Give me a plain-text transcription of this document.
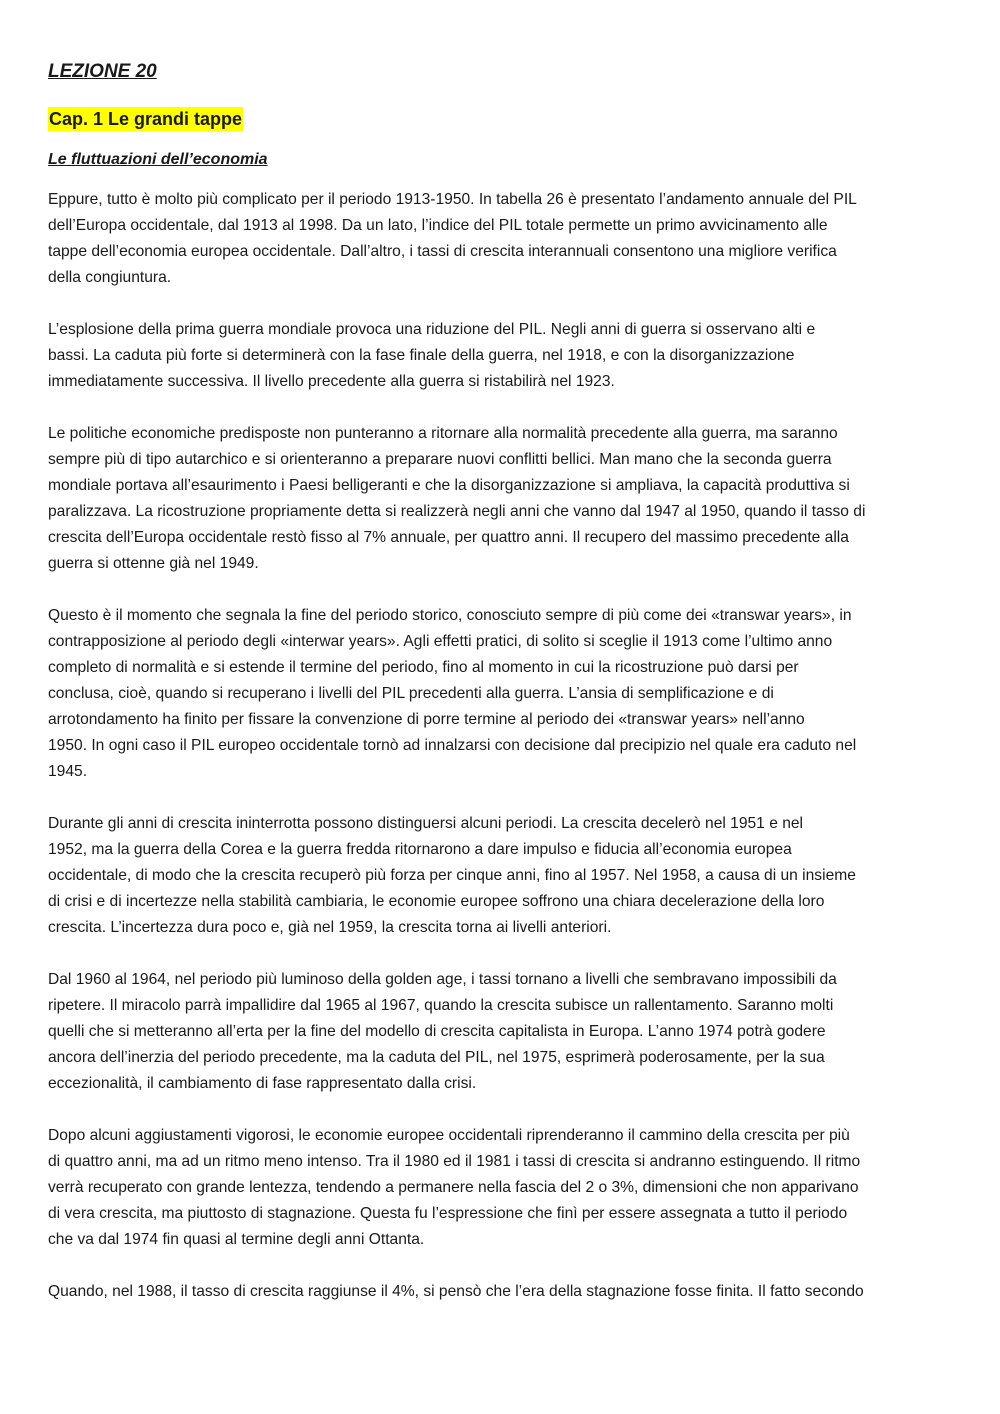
LEZIONE 20
Cap. 1 Le grandi tappe
Le fluttuazioni dell’economia

Eppure, tutto è molto più complicato per il periodo 1913-1950. In tabella 26 è presentato l’andamento annuale del PIL
dell’Europa occidentale, dal 1913 al 1998. Da un lato, l’indice del PIL totale permette un primo avvicinamento alle
tappe dell’economia europea occidentale. Dall’altro, i tassi di crescita interannuali consentono una migliore verifica
della congiuntura.

L’esplosione della prima guerra mondiale provoca una riduzione del PIL. Negli anni di guerra si osservano alti e
bassi. La caduta più forte si determinerà con la fase finale della guerra, nel 1918, e con la disorganizzazione
immediatamente successiva. Il livello precedente alla guerra si ristabilirà nel 1923.

Le politiche economiche predisposte non punteranno a ritornare alla normalità precedente alla guerra, ma saranno
sempre più di tipo autarchico e si orienteranno a preparare nuovi conflitti bellici. Man mano che la seconda guerra
mondiale portava all’esaurimento i Paesi belligeranti e che la disorganizzazione si ampliava, la capacità produttiva si
paralizzava. La ricostruzione propriamente detta si realizzerà negli anni che vanno dal 1947 al 1950, quando il tasso di
crescita dell’Europa occidentale restò fisso al 7% annuale, per quattro anni. Il recupero del massimo precedente alla
guerra si ottenne già nel 1949.

Questo è il momento che segnala la fine del periodo storico, conosciuto sempre di più come dei «transwar years», in
contrapposizione al periodo degli «interwar years». Agli effetti pratici, di solito si sceglie il 1913 come l’ultimo anno
completo di normalità e si estende il termine del periodo, fino al momento in cui la ricostruzione può darsi per
conclusa, cioè, quando si recuperano i livelli del PIL precedenti alla guerra. L’ansia di semplificazione e di
arrotondamento ha finito per fissare la convenzione di porre termine al periodo dei «transwar years» nell’anno
1950. In ogni caso il PIL europeo occidentale tornò ad innalzarsi con decisione dal precipizio nel quale era caduto nel
1945.

Durante gli anni di crescita ininterrotta possono distinguersi alcuni periodi. La crescita decelerò nel 1951 e nel
1952, ma la guerra della Corea e la guerra fredda ritornarono a dare impulso e fiducia all’economia europea
occidentale, di modo che la crescita recuperò più forza per cinque anni, fino al 1957. Nel 1958, a causa di un insieme
di crisi e di incertezze nella stabilità cambiaria, le economie europee soffrono una chiara decelerazione della loro
crescita. L’incertezza dura poco e, già nel 1959, la crescita torna ai livelli anteriori.

Dal 1960 al 1964, nel periodo più luminoso della golden age, i tassi tornano a livelli che sembravano impossibili da
ripetere. Il miracolo parrà impallidire dal 1965 al 1967, quando la crescita subisce un rallentamento. Saranno molti
quelli che si metteranno all’erta per la fine del modello di crescita capitalista in Europa. L’anno 1974 potrà godere
ancora dell’inerzia del periodo precedente, ma la caduta del PIL, nel 1975, esprimerà poderosamente, per la sua
eccezionalità, il cambiamento di fase rappresentato dalla crisi.

Dopo alcuni aggiustamenti vigorosi, le economie europee occidentali riprenderanno il cammino della crescita per più
di quattro anni, ma ad un ritmo meno intenso. Tra il 1980 ed il 1981 i tassi di crescita si andranno estinguendo. Il ritmo
verrà recuperato con grande lentezza, tendendo a permanere nella fascia del 2 o 3%, dimensioni che non apparivano
di vera crescita, ma piuttosto di stagnazione. Questa fu l’espressione che finì per essere assegnata a tutto il periodo
che va dal 1974 fin quasi al termine degli anni Ottanta.

Quando, nel 1988, il tasso di crescita raggiunse il 4%, si pensò che l’era della stagnazione fosse finita. Il fatto secondo
